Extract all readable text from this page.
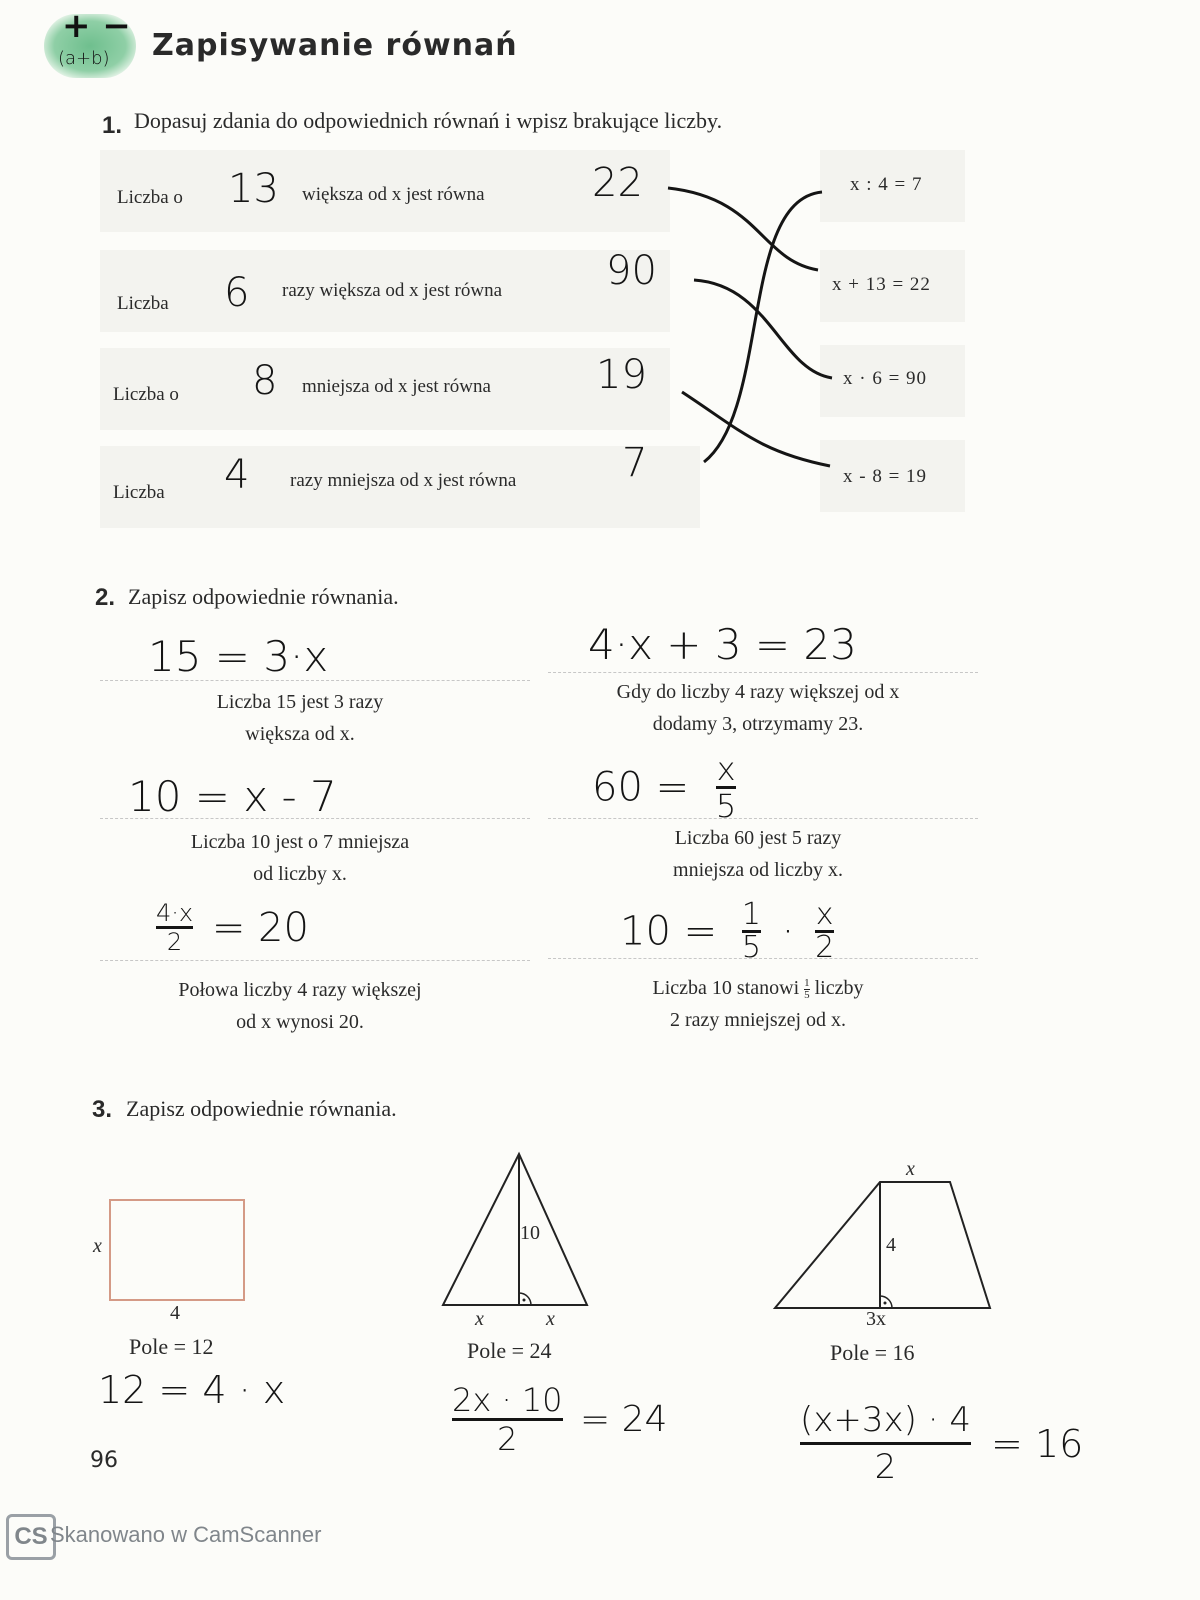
+ −
(a+b) Zapisywanie równań
1. Dopasuj zdania do odpowiednich równań i wpisz brakujące liczby.
Liczba o 13 większa od x jest równa	22
Liczba 6 razy większa od x jest równa	90
Liczba o 8 mniejsza od x jest równa	19
Liczba 4 razy mniejsza od x jest równa	7
x : 4 = 7
x + 13 = 22
x · 6 = 90
x - 8 = 19
2. Zapisz odpowiednie równania.
15 = 3·x
Liczba 15 jest 3 razy
większa od x.
4·x + 3 = 23
Gdy do liczby 4 razy większej od x
dodamy 3, otrzymamy 23.
10 = x - 7
Liczba 10 jest o 7 mniejsza
od liczby x.
$60 = \frac{x}{5}$
Liczba 60 jest 5 razy
mniejsza od liczby x.
$\frac{4\cdot x}{2} = 20$
Połowa liczby 4 razy większej
od x wynosi 20.
$10 = \frac{1}{5} \cdot \frac{x}{2}$
Liczba 10 stanowi $\frac{1}{5}$ liczby
2 razy mniejszej od x.
3. Zapisz odpowiednie równania.
x
4
Pole = 12
12 = 4 · x
10
x	x
Pole = 24
$\frac{2x \cdot 10}{2} = 24$
x
4
3x
Pole = 16
$\frac{(x+3x) \cdot 4}{2} = 16$
96
CS Skanowano w CamScanner
